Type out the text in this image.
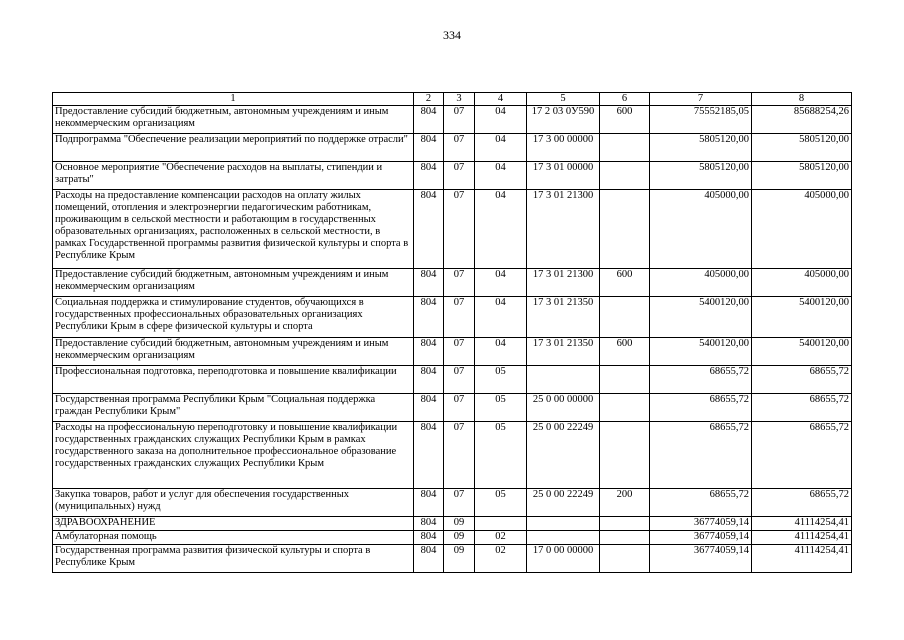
334
1	2	3	4	5	6	7	8
Предоставление субсидий бюджетным, автономным учреждениям и иным некоммерческим организациям	804	07	04	17 2 03 0У590	600	75552185,05	85688254,26
Подпрограмма "Обеспечение реализации мероприятий по поддержке отрасли"	804	07	04	17 3 00 00000		5805120,00	5805120,00
Основное мероприятие "Обеспечение расходов на выплаты, стипендии и затраты"	804	07	04	17 3 01 00000		5805120,00	5805120,00
Расходы на предоставление компенсации расходов на оплату жилых помещений, отопления и электроэнергии педагогическим работникам, проживающим в сельской местности и работающим в государственных образовательных организациях, расположенных в сельской местности, в рамках Государственной программы развития физической культуры и спорта в Республике Крым	804	07	04	17 3 01 21300		405000,00	405000,00
Предоставление субсидий бюджетным, автономным учреждениям и иным некоммерческим организациям	804	07	04	17 3 01 21300	600	405000,00	405000,00
Социальная поддержка и стимулирование студентов, обучающихся в государственных профессиональных образовательных организациях Республики Крым в сфере физической культуры и спорта	804	07	04	17 3 01 21350		5400120,00	5400120,00
Предоставление субсидий бюджетным, автономным учреждениям и иным некоммерческим организациям	804	07	04	17 3 01 21350	600	5400120,00	5400120,00
Профессиональная подготовка, переподготовка и повышение квалификации	804	07	05			68655,72	68655,72
Государственная программа Республики Крым "Социальная поддержка граждан Республики Крым"	804	07	05	25 0 00 00000		68655,72	68655,72
Расходы на профессиональную переподготовку и повышение квалификации государственных гражданских служащих Республики Крым в рамках государственного заказа на дополнительное профессиональное образование государственных гражданских служащих Республики Крым	804	07	05	25 0 00 22249		68655,72	68655,72
Закупка товаров, работ и услуг для обеспечения государственных (муниципальных) нужд	804	07	05	25 0 00 22249	200	68655,72	68655,72
ЗДРАВООХРАНЕНИЕ	804	09				36774059,14	41114254,41
Амбулаторная помощь	804	09	02			36774059,14	41114254,41
Государственная программа развития физической культуры и спорта в Республике Крым	804	09	02	17 0 00 00000		36774059,14	41114254,41
